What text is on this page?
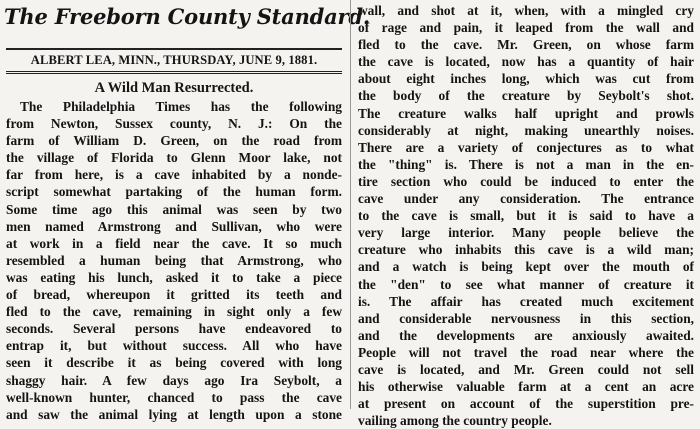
The Freeborn County Standard.
ALBERT LEA, MINN., THURSDAY, JUNE 9, 1881.
A Wild Man Resurrected.
The Philadelphia Times has the following
from Newton, Sussex county, N. J.: On the
farm of William D. Green, on the road from
the village of Florida to Glenn Moor lake, not
far from here, is a cave inhabited by a nonde-
script somewhat partaking of the human form.
Some time ago this animal was seen by two
men named Armstrong and Sullivan, who were
at work in a field near the cave. It so much
resembled a human being that Armstrong, who
was eating his lunch, asked it to take a piece
of bread, whereupon it gritted its teeth and
fled to the cave, remaining in sight only a few
seconds. Several persons have endeavored to
entrap it, but without success. All who have
seen it describe it as being covered with long
shaggy hair. A few days ago Ira Seybolt, a
well-known hunter, chanced to pass the cave
and saw the animal lying at length upon a stone
wall, and shot at it, when, with a mingled cry
of rage and pain, it leaped from the wall and
fled to the cave. Mr. Green, on whose farm
the cave is located, now has a quantity of hair
about eight inches long, which was cut from
the body of the creature by Seybolt's shot.
The creature walks half upright and prowls
considerably at night, making unearthly noises.
There are a variety of conjectures as to what
the "thing" is. There is not a man in the en-
tire section who could be induced to enter the
cave under any consideration. The entrance
to the cave is small, but it is said to have a
very large interior. Many people believe the
creature who inhabits this cave is a wild man;
and a watch is being kept over the mouth of
the "den" to see what manner of creature it
is. The affair has created much excitement
and considerable nervousness in this section,
and the developments are anxiously awaited.
People will not travel the road near where the
cave is located, and Mr. Green could not sell
his otherwise valuable farm at a cent an acre
at present on account of the superstition pre-
vailing among the country people.
